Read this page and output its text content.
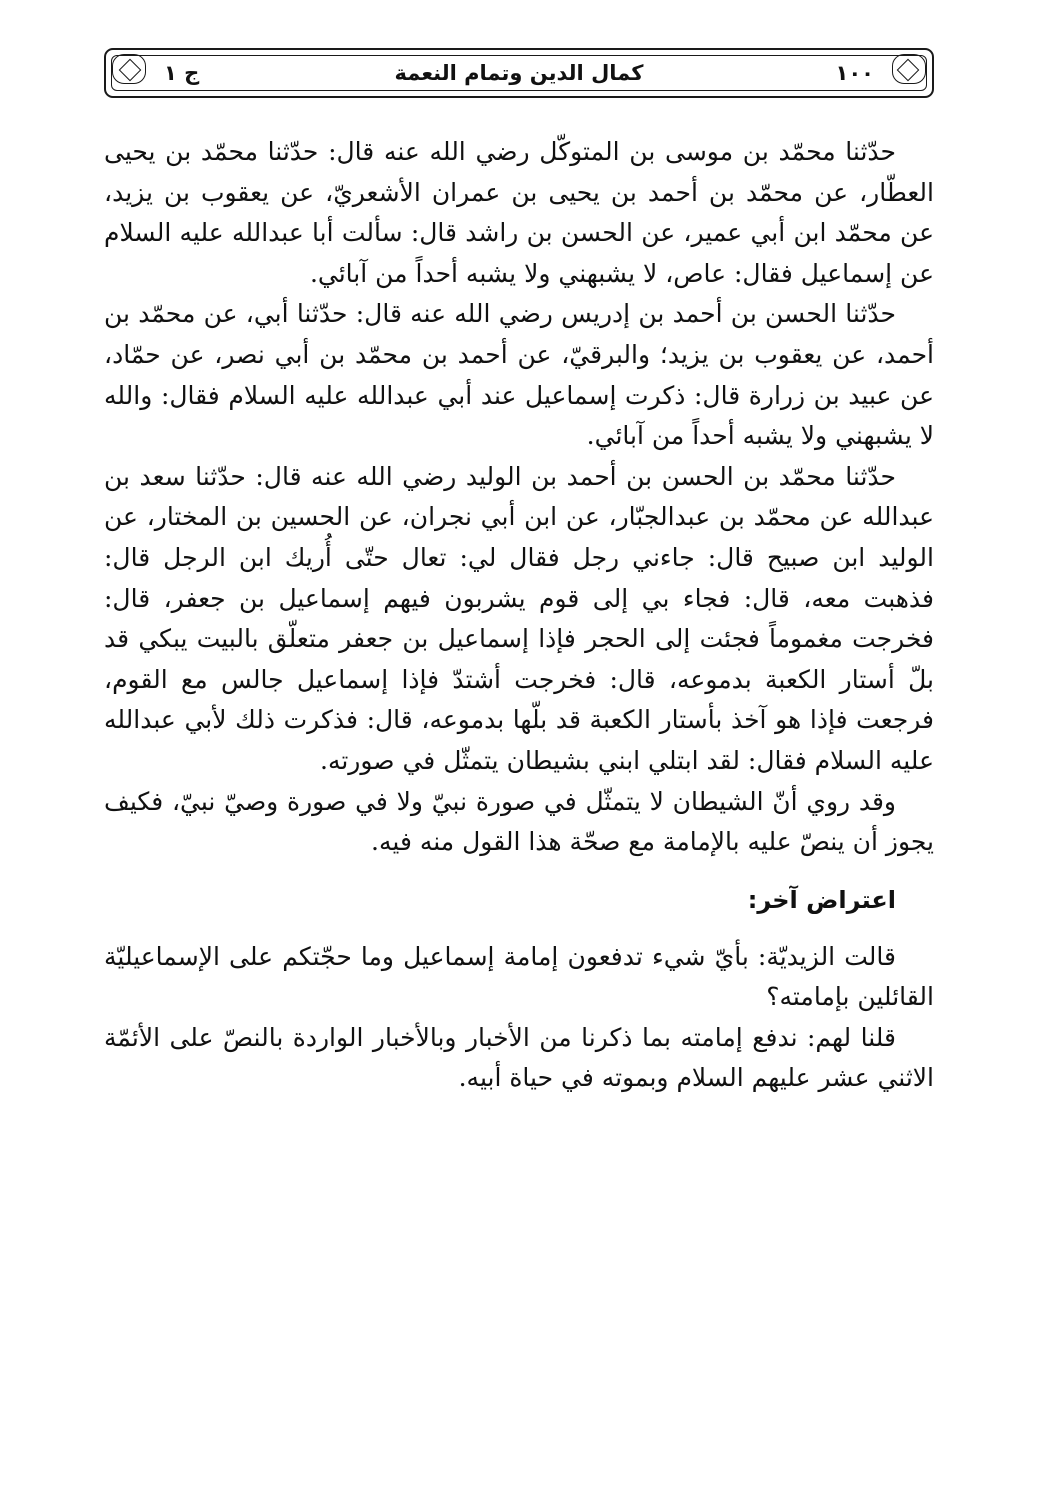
١٠٠
كمال الدين وتمام النعمة
ج ١

حدّثنا محمّد بن موسى بن المتوكّل رضي الله عنه قال: حدّثنا محمّد بن يحيى العطّار، عن محمّد بن أحمد بن يحيى بن عمران الأشعريّ، عن يعقوب بن يزيد، عن محمّد ابن أبي عمير، عن الحسن بن راشد قال: سألت أبا عبدالله عليه السلام عن إسماعيل فقال: عاص، لا يشبهني ولا يشبه أحداً من آبائي.

حدّثنا الحسن بن أحمد بن إدريس رضي الله عنه قال: حدّثنا أبي، عن محمّد بن أحمد، عن يعقوب بن يزيد؛ والبرقيّ، عن أحمد بن محمّد بن أبي نصر، عن حمّاد، عن عبيد بن زرارة قال: ذكرت إسماعيل عند أبي عبدالله عليه السلام فقال: والله لا يشبهني ولا يشبه أحداً من آبائي.

حدّثنا محمّد بن الحسن بن أحمد بن الوليد رضي الله عنه قال: حدّثنا سعد بن عبدالله عن محمّد بن عبدالجبّار، عن ابن أبي نجران، عن الحسين بن المختار، عن الوليد ابن صبيح قال: جاءني رجل فقال لي: تعال حتّى أُريك ابن الرجل قال: فذهبت معه، قال: فجاء بي إلى قوم يشربون فيهم إسماعيل بن جعفر، قال: فخرجت مغموماً فجئت إلى الحجر فإذا إسماعيل بن جعفر متعلّق بالبيت يبكي قد بلّ أستار الكعبة بدموعه، قال: فخرجت أشتدّ فإذا إسماعيل جالس مع القوم، فرجعت فإذا هو آخذ بأستار الكعبة قد بلّها بدموعه، قال: فذكرت ذلك لأبي عبدالله عليه السلام فقال: لقد ابتلي ابني بشيطان يتمثّل في صورته.

وقد روي أنّ الشيطان لا يتمثّل في صورة نبيّ ولا في صورة وصيّ نبيّ، فكيف يجوز أن ينصّ عليه بالإمامة مع صحّة هذا القول منه فيه.

اعتراض آخر:

قالت الزيديّة: بأيّ شيء تدفعون إمامة إسماعيل وما حجّتكم على الإسماعيليّة القائلين بإمامته؟

قلنا لهم: ندفع إمامته بما ذكرنا من الأخبار وبالأخبار الواردة بالنصّ على الأئمّة الاثني عشر عليهم السلام وبموته في حياة أبيه.
